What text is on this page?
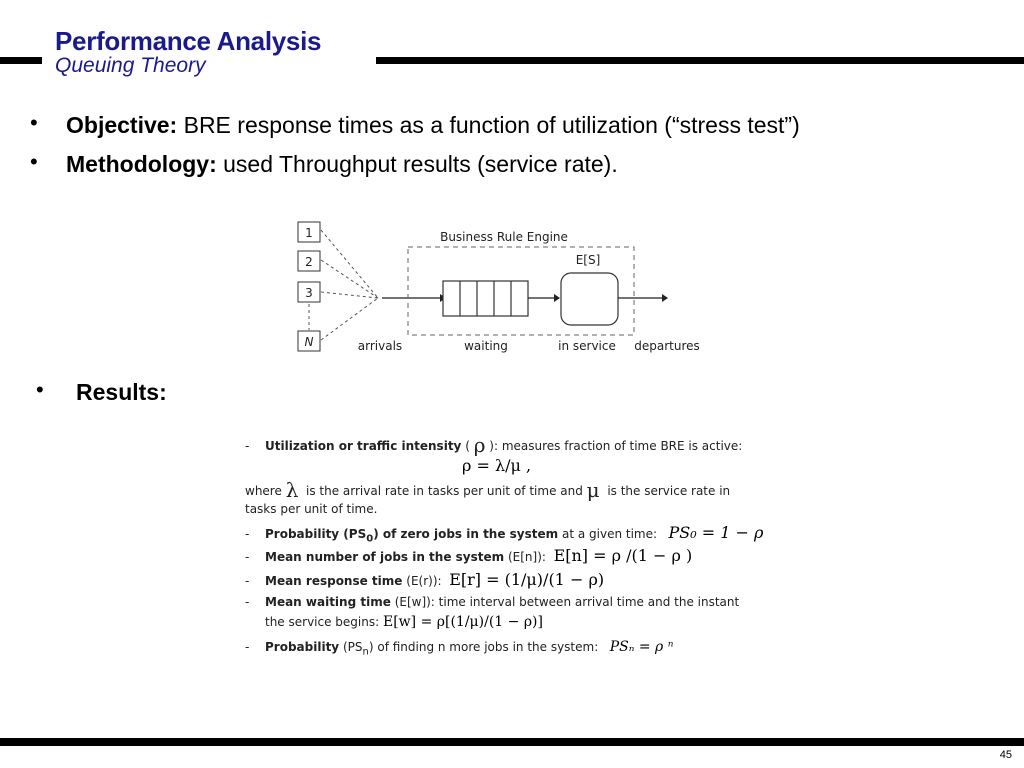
Performance Analysis
Queuing Theory
• Objective: BRE response times as a function of utilization (“stress test”)
• Methodology: used Throughput results (service rate).
1
2
3
N
Business Rule Engine
E[S]
arrivals	waiting	in service departures
• Results:
- Utilization or traffic intensity ( ρ ): measures fraction of time BRE is active:
ρ = λ/μ ,
where λ is the arrival rate in tasks per unit of time and μ is the service rate in
tasks per unit of time.
- Probability $(PS_0)$ of zero jobs in the system at a given time: PS₀ = 1 − ρ
- Mean number of jobs in the system (E[n]): E[n] = ρ /(1 − ρ )
- Mean response time (E(r)): E[r] = (1/μ)/(1 − ρ)
- Mean waiting time (E[w]): time interval between arrival time and the instant
the service begins: E[w] = ρ[(1/μ)/(1 − ρ)]
- Probability $(PS_n)$ of finding n more jobs in the system: PSₙ = ρ ⁿ
45
